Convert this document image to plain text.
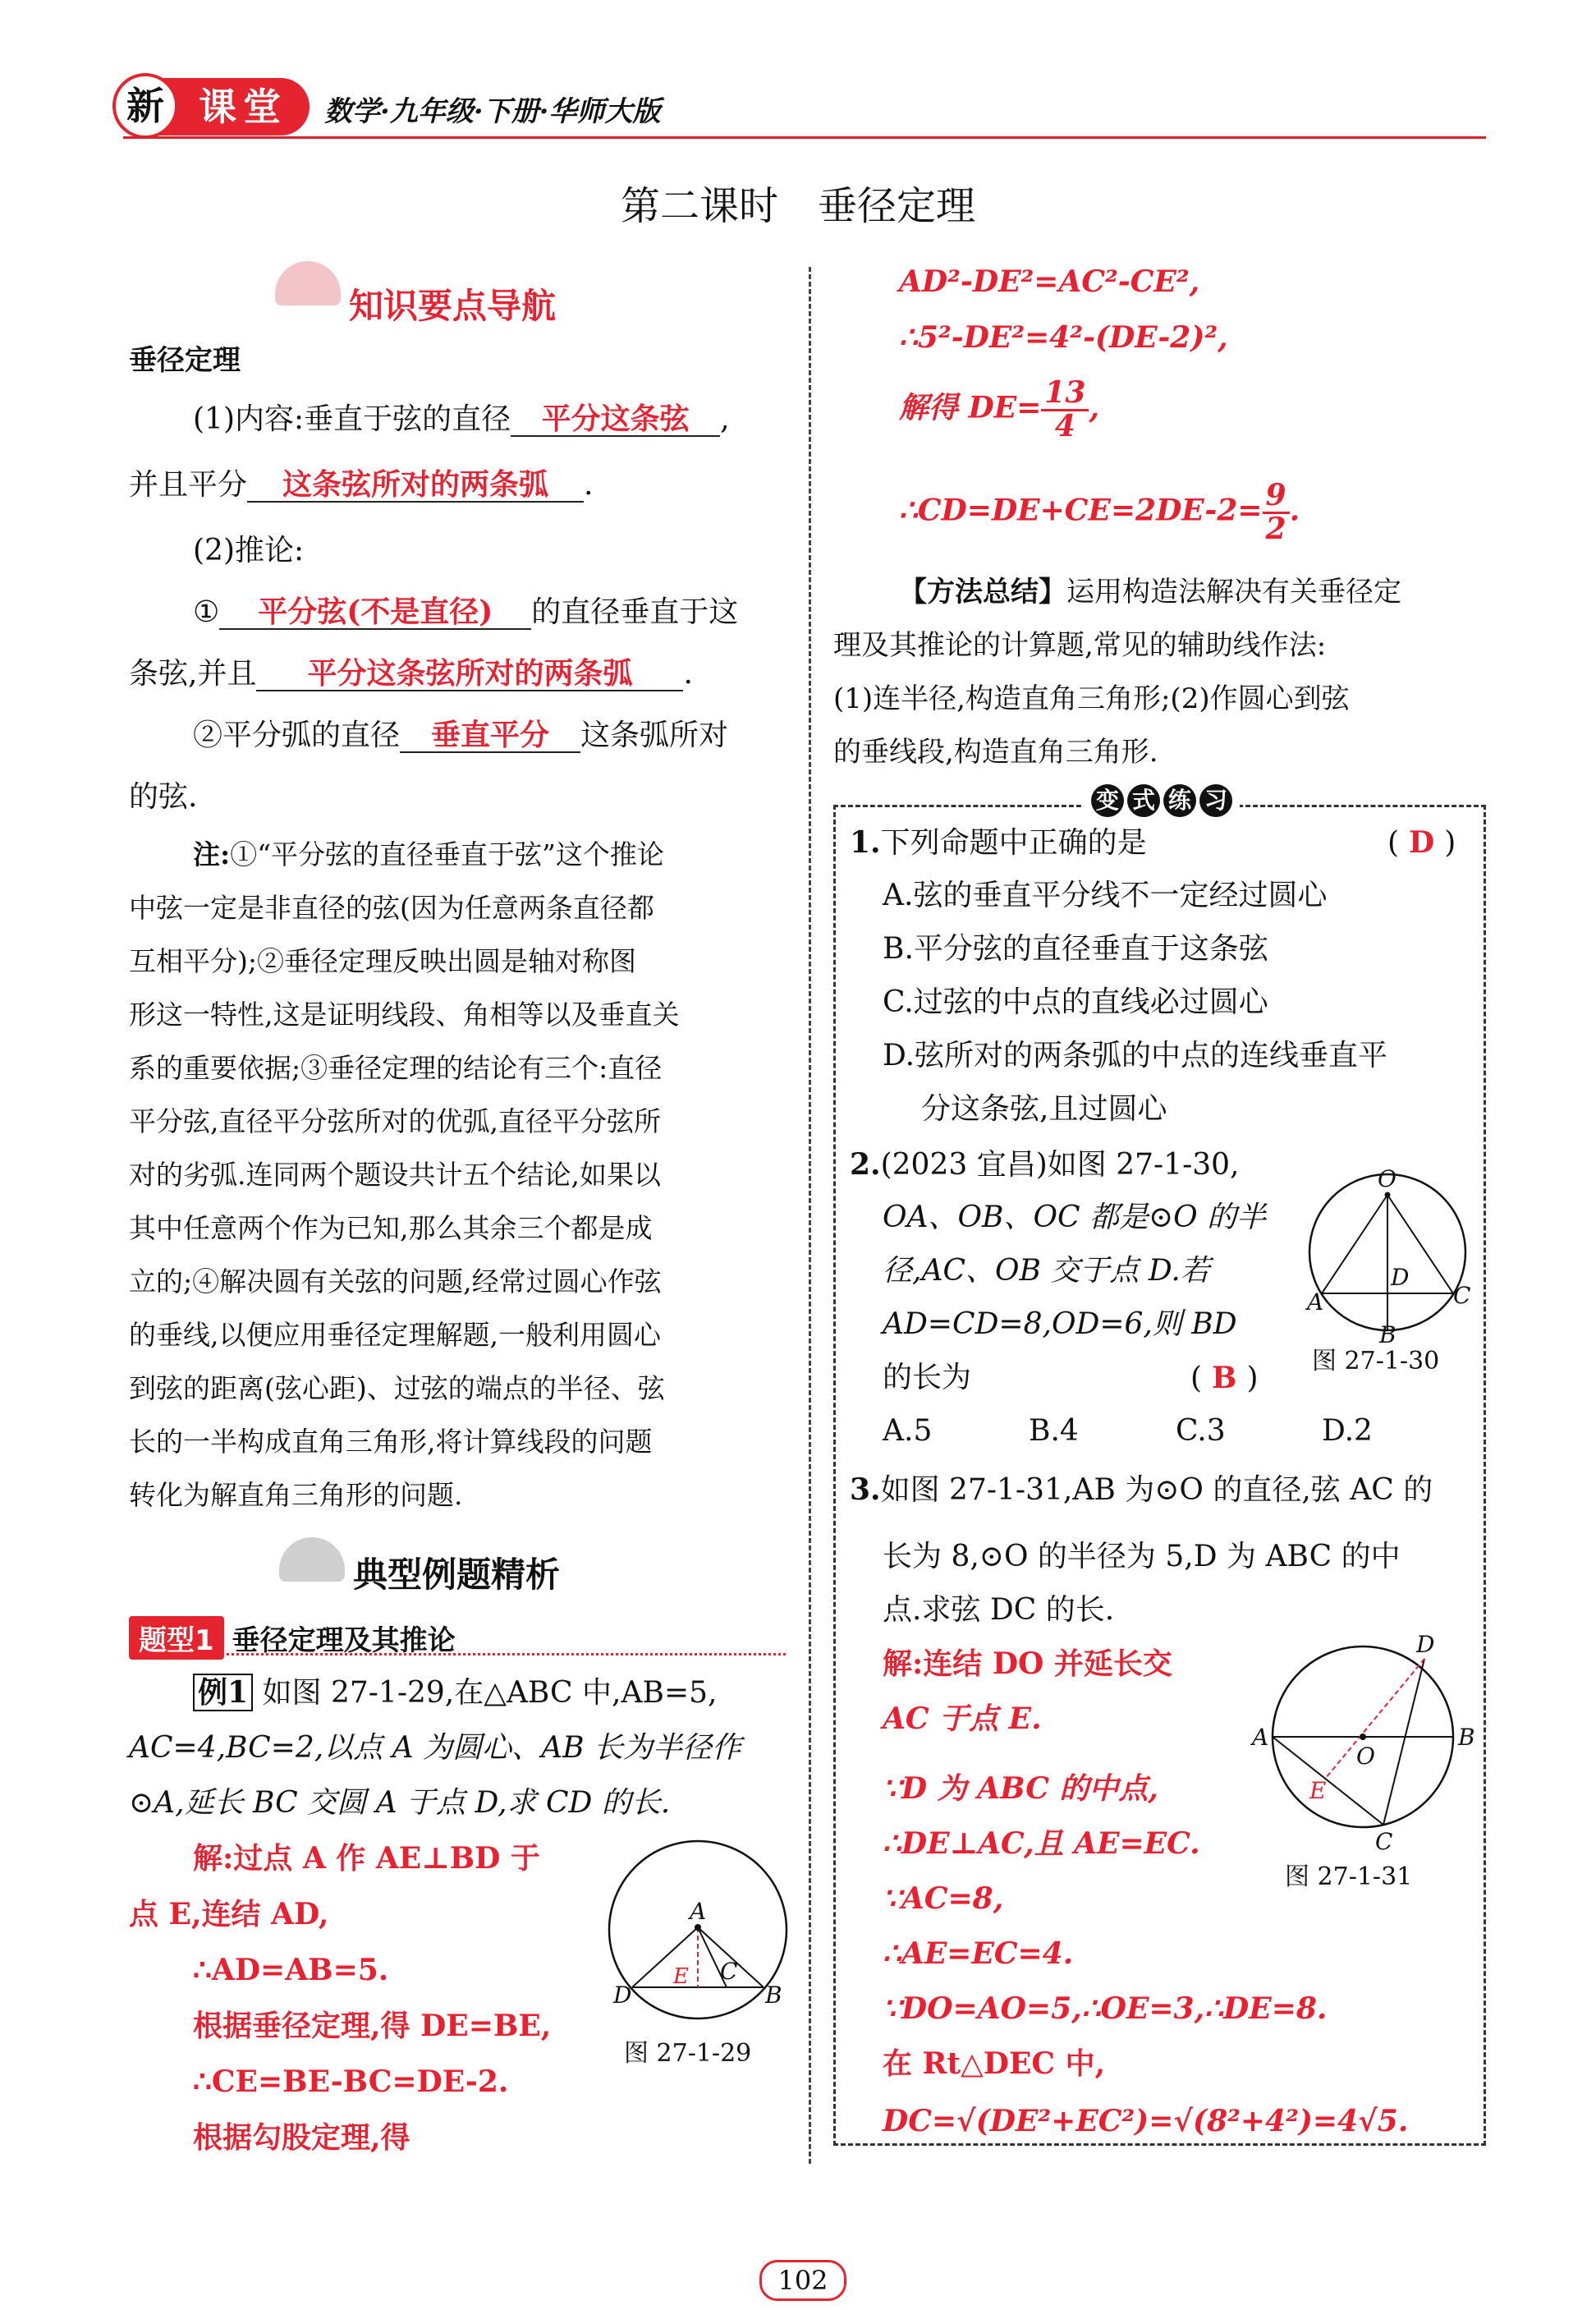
新 课堂	数学·九年级·下册·华师大版
第二课时　垂径定理
知识要点导航
垂径定理
(1)内容:垂直于弦的直径 平分这条弦 ,
并且平分 这条弦所对的两条弧 .
(2)推论:
① 平分弦(不是直径) 的直径垂直于这
条弦,并且 平分这条弦所对的两条弧 .
②平分弧的直径 垂直平分 这条弧所对
的弦.
注:①“平分弦的直径垂直于弦”这个推论
中弦一定是非直径的弦(因为任意两条直径都
互相平分);②垂径定理反映出圆是轴对称图
形这一特性,这是证明线段、角相等以及垂直关
系的重要依据;③垂径定理的结论有三个:直径
平分弦,直径平分弦所对的优弧,直径平分弦所
对的劣弧.连同两个题设共计五个结论,如果以
其中任意两个作为已知,那么其余三个都是成
立的;④解决圆有关弦的问题,经常过圆心作弦
的垂线,以便应用垂径定理解题,一般利用圆心
到弦的距离(弦心距)、过弦的端点的半径、弦
长的一半构成直角三角形,将计算线段的问题
转化为解直角三角形的问题.
典型例题精析
题型1 垂径定理及其推论
例1 如图 27-1-29,在△ABC 中,AB=5,
AC=4,BC=2,以点 A 为圆心、AB 长为半径作
⊙A,延长 BC 交圆 A 于点 D,求 CD 的长.
解:过点 A 作 AE⊥BD 于
点 E,连结 AD,
∴AD=AB=5.
根据垂径定理,得 DE=BE,
∴CE=BE-BC=DE-2.
根据勾股定理,得
A
D
E C
B
图 27-1-29
AD²-DE²=AC²-CE²,
∴5²-DE²=4²-(DE-2)²,
解得 $DE= \frac{13}{4}$ ,
∴CD=DE+CE=2DE-2= $\frac{9}{2}$ .
【方法总结】运用构造法解决有关垂径定
理及其推论的计算题,常见的辅助线作法:
(1)连半径,构造直角三角形;(2)作圆心到弦
的垂线段,构造直角三角形.
变 式 练 习
1.下列命题中正确的是	( D )
A.弦的垂直平分线不一定经过圆心
B.平分弦的直径垂直于这条弦
C.过弦的中点的直线必过圆心
D.弦所对的两条弧的中点的连线垂直平
分这条弦,且过圆心
2.(2023 宜昌)如图 27-1-30,
OA、OB、OC 都是⊙O 的半
径,AC、OB 交于点 D.若
AD=CD=8,OD=6,则 BD
的长为	( B )
A.5	B.4	C.3	D.2
O
D
A	C
B
图 27-1-30
3.如图 27-1-31,AB 为⊙O 的直径,弦 AC 的
长为 8,⊙O 的半径为 5,D 为 ABC 的中
点.求弦 DC 的长.
解:连结 DO 并延长交
AC 于点 E.
∵D 为 ABC 的中点,
∴DE⊥AC,且 AE=EC.
∵AC=8,
∴AE=EC=4.
∵DO=AO=5,∴OE=3,∴DE=8.
在 Rt△DEC 中,
DC=√(DE²+EC²)=√(8²+4²)=4√5.
D
A
O
B
E
C
图 27-1-31
102
